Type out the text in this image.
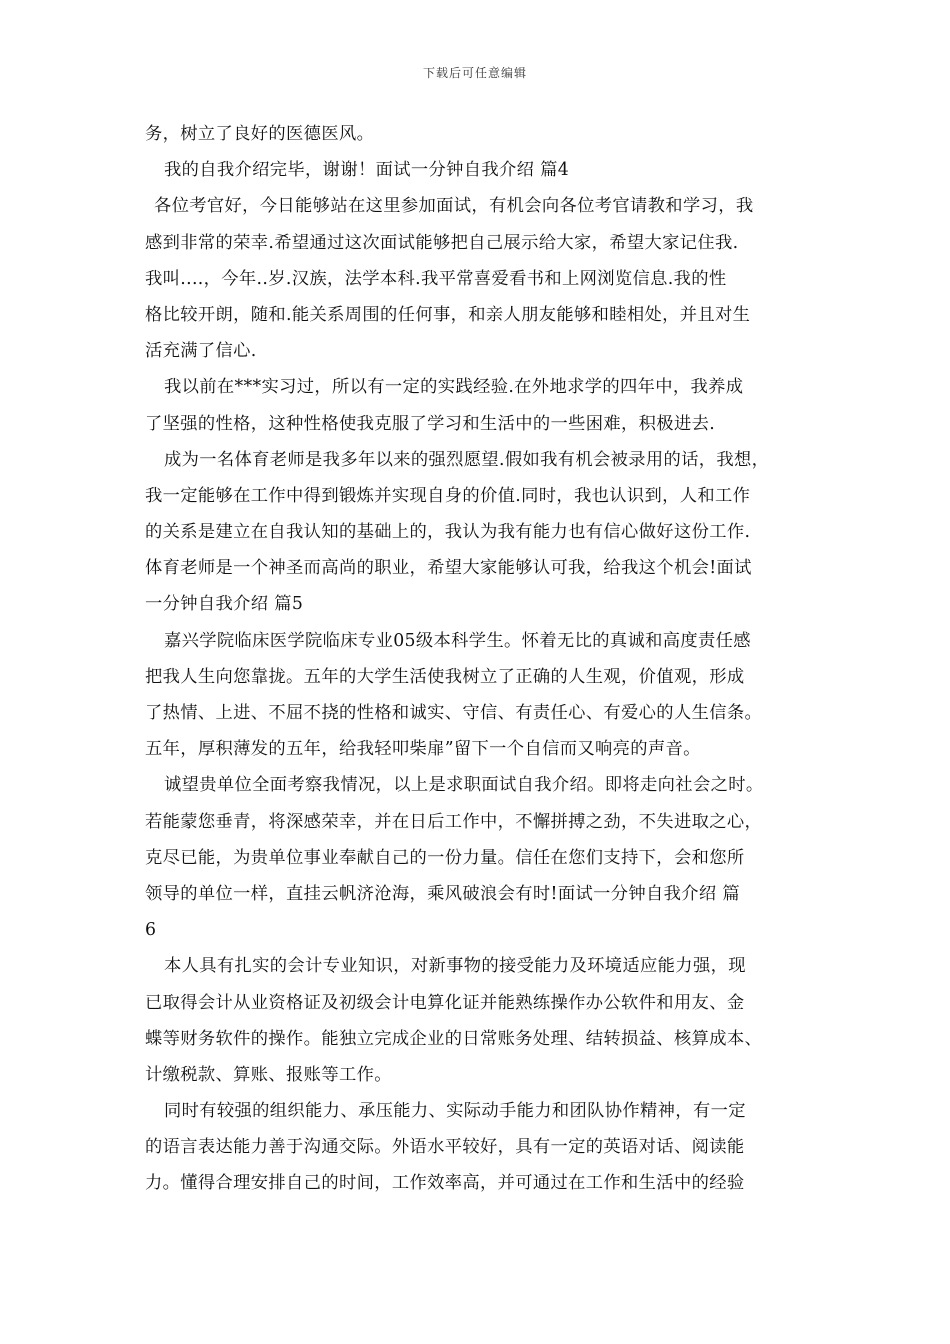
下载后可任意编辑
务，树立了良好的医德医风。
我的自我介绍完毕，谢谢！面试一分钟自我介绍 篇4
各位考官好，今日能够站在这里参加面试，有机会向各位考官请教和学习，我
感到非常的荣幸.希望通过这次面试能够把自己展示给大家，希望大家记住我.
我叫....，今年..岁.汉族，法学本科.我平常喜爱看书和上网浏览信息.我的性
格比较开朗，随和.能关系周围的任何事，和亲人朋友能够和睦相处，并且对生
活充满了信心.
我以前在***实习过，所以有一定的实践经验.在外地求学的四年中，我养成
了坚强的性格，这种性格使我克服了学习和生活中的一些困难，积极进去.
成为一名体育老师是我多年以来的强烈愿望.假如我有机会被录用的话，我想，
我一定能够在工作中得到锻炼并实现自身的价值.同时，我也认识到，人和工作
的关系是建立在自我认知的基础上的，我认为我有能力也有信心做好这份工作.
体育老师是一个神圣而高尚的职业，希望大家能够认可我，给我这个机会!面试
一分钟自我介绍 篇5
嘉兴学院临床医学院临床专业05级本科学生。怀着无比的真诚和高度责任感
把我人生向您靠拢。五年的大学生活使我树立了正确的人生观，价值观，形成
了热情、上进、不屈不挠的性格和诚实、守信、有责任心、有爱心的人生信条。
五年，厚积薄发的五年，给我轻叩柴扉”留下一个自信而又响亮的声音。
诚望贵单位全面考察我情况，以上是求职面试自我介绍。即将走向社会之时。
若能蒙您垂青，将深感荣幸，并在日后工作中，不懈拼搏之劲，不失进取之心，
克尽已能，为贵单位事业奉献自己的一份力量。信任在您们支持下，会和您所
领导的单位一样，直挂云帆济沧海，乘风破浪会有时!面试一分钟自我介绍 篇
6
本人具有扎实的会计专业知识，对新事物的接受能力及环境适应能力强，现
已取得会计从业资格证及初级会计电算化证并能熟练操作办公软件和用友、金
蝶等财务软件的操作。能独立完成企业的日常账务处理、结转损益、核算成本、
计缴税款、算账、报账等工作。
同时有较强的组织能力、承压能力、实际动手能力和团队协作精神，有一定
的语言表达能力善于沟通交际。外语水平较好，具有一定的英语对话、阅读能
力。懂得合理安排自己的时间，工作效率高，并可通过在工作和生活中的经验
